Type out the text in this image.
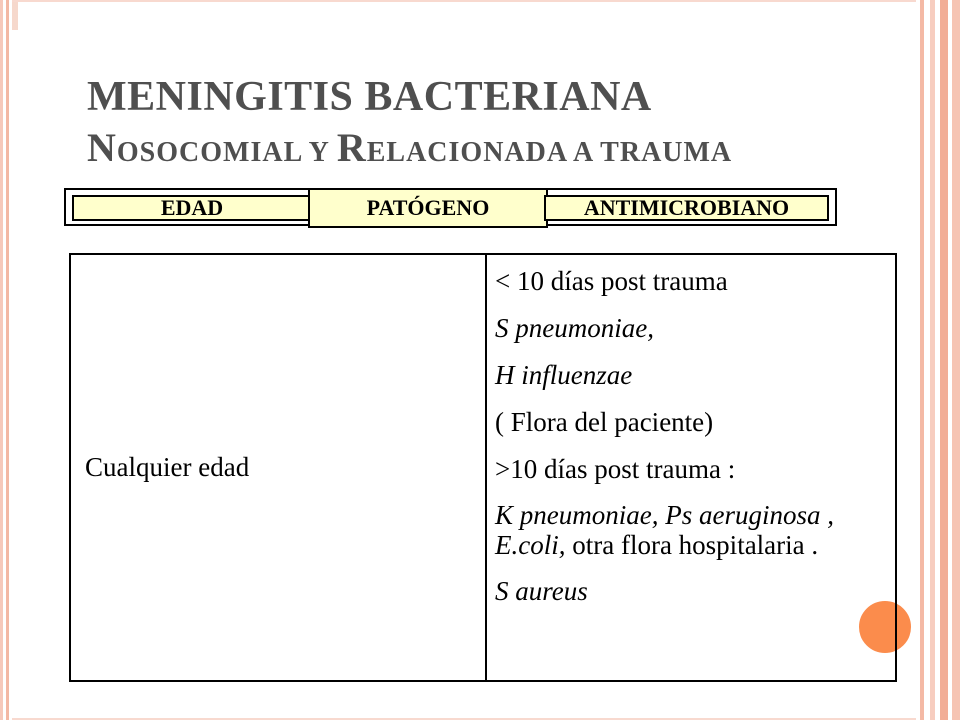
MENINGITIS BACTERIANA
NOSOCOMIAL Y RELACIONADA A TRAUMA
EDAD	PATÓGENO	ANTIMICROBIANO
Cualquier edad
< 10 días post trauma
S pneumoniae,
H influenzae
( Flora del paciente)
>10 días post trauma :
K pneumoniae, Ps aeruginosa , E.coli, otra flora hospitalaria .
S aureus
